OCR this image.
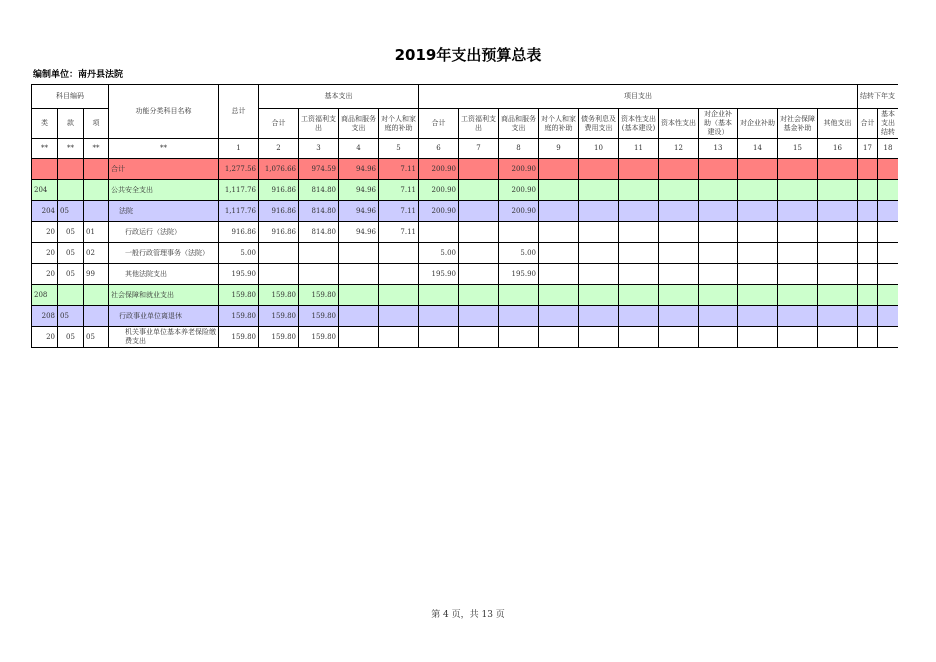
2019年支出预算总表
编制单位：南丹县法院
科目编码			功能分类科目名称	总计	基本支出				项目支出											结转下年支	
类	款	项			合计	工资福利支出	商品和服务支出	对个人和家庭的补助	合计	工资福利支出	商品和服务支出	对个人和家庭的补助	债务利息及费用支出	资本性支出(基本建设)	资本性支出	对企业补助（基本建设）	对企业补助	对社会保障基金补助	其他支出	合计	基本支出结转
**	**	**	**	1	2	3	4	5	6	7	8	9	10	11	12	13	14	15	16	17	18
			合计	1,277.56	1,076.66	974.59	94.96	7.11	200.90		200.90										
204			公共安全支出	1,117.76	916.86	814.80	94.96	7.11	200.90		200.90										
204	05		法院	1,117.76	916.86	814.80	94.96	7.11	200.90		200.90										
20	05	01	行政运行（法院）	916.86	916.86	814.80	94.96	7.11													
20	05	02	一般行政管理事务（法院）	5.00					5.00		5.00										
20	05	99	其他法院支出	195.90					195.90		195.90										
208			社会保障和就业支出	159.80	159.80	159.80															
208	05		行政事业单位离退休	159.80	159.80	159.80															
20	05	05	机关事业单位基本养老保险缴费支出	159.80	159.80	159.80															
第 4 页，共 13 页
